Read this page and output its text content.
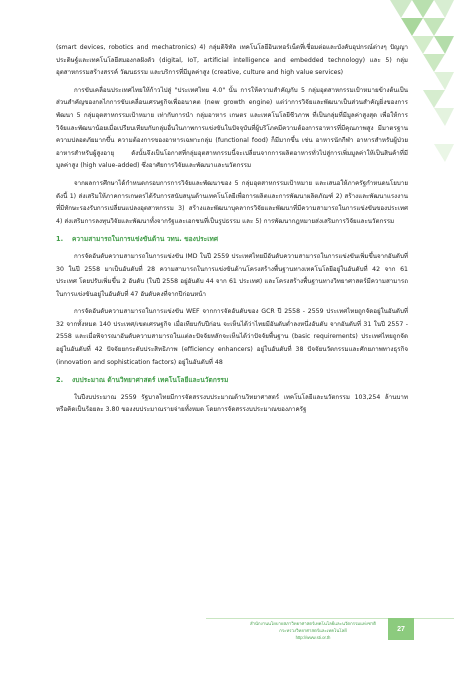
(smart devices, robotics and mechatronics) 4) กลุ่มดิจิทัล เทคโนโลยีอินเทอร์เน็ตที่เชื่อมต่อและบังคับอุปกรณ์ต่างๆ ปัญญาประดิษฐ์และเทคโนโลยีสมองกลฝังตัว (digital, IoT, artificial intelligence and embedded technology) และ 5) กลุ่มอุตสาหกรรมสร้างสรรค์ วัฒนธรรม และบริการที่มีมูลค่าสูง (creative, culture and high value services)

การขับเคลื่อนประเทศไทยให้ก้าวไปสู่ "ประเทศไทย 4.0" นั้น การให้ความสำคัญกับ 5 กลุ่มอุตสาหกรรมเป้าหมายข้างต้นเป็นส่วนสำคัญของกลไกการขับเคลื่อนเศรษฐกิจเพื่ออนาคต (new growth engine) แต่ว่าการวิจัยและพัฒนาเป็นส่วนสำคัญยิ่งของการพัฒนา 5 กลุ่มอุตสาหกรรมเป้าหมาย เท่ากับการนำ กลุ่มอาหาร เกษตร และเทคโนโลยีชีวภาพ ที่เป็นกลุ่มที่มีมูลค่าสูงสุด เพื่อให้การวิจัยและพัฒนาน้อยเมื่อเปรียบเทียบกับกลุ่มอื่นในภาพการแข่งขันในปัจจุบันที่ผู้บริโภคมีความต้องการอาหารที่มีคุณภาพสูง มีมาตรฐานความปลอดภัยมากขึ้น ความต้องการของอาหารเฉพาะกลุ่ม (functional food) ก็มีมากขึ้น เช่น อาหารนักกีฬา อาหารสำหรับผู้ป่วย อาหารสำหรับผู้สูงอายุ ดังนั้นจึงเป็นโอกาสที่กลุ่มอุตสาหกรรมนี้จะเปลี่ยนจากการผลิตอาหารทั่วไปสู่การเพิ่มมูลค่าให้เป็นสินค้าที่มีมูลค่าสูง (high value-added) ซึ่งอาศัยการวิจัยและพัฒนาและนวัตกรรม

จากผลการศึกษาได้กำหนดกรอบการการวิจัยและพัฒนาของ 5 กลุ่มอุตสาหกรรมเป้าหมาย และเสนอให้ภาครัฐกำหนดนโยบายดังนี้ 1) ส่งเสริมให้ภาคการเกษตรได้รับการสนับสนุนด้านเทคโนโลยีเพื่อการผลิตและการพัฒนาผลิตภัณฑ์ 2) สร้างและพัฒนาแรงงานที่มีทักษะรองรับการเปลี่ยนแปลงอุตสาหกรรม 3) สร้างและพัฒนาบุคลากรวิจัยและพัฒนาที่มีความสามารถในการแข่งขันของประเทศ 4) ส่งเสริมการลงทุนวิจัยและพัฒนาทั้งจากรัฐและเอกชนที่เป็นรูปธรรม และ 5) การพัฒนากฎหมายส่งเสริมการวิจัยและนวัตกรรม

1. ความสามารถในการแข่งขันด้าน วทน. ของประเทศ

การจัดอันดับความสามารถในการแข่งขัน IMD ในปี 2559 ประเทศไทยมีอันดับความสามารถในการแข่งขันเพิ่มขึ้นจากอันดับที่ 30 ในปี 2558 มาเป็นอันดับที่ 28 ความสามารถในการแข่งขันด้านโครงสร้างพื้นฐานทางเทคโนโลยีอยู่ในอันดับที่ 42 จาก 61 ประเทศ โดยปรับเพิ่มขึ้น 2 อันดับ (ในปี 2558 อยู่อันดับ 44 จาก 61 ประเทศ) และโครงสร้างพื้นฐานทางวิทยาศาสตร์มีความสามารถในการแข่งขันอยู่ในอันดับที่ 47 อันดับคงที่จากปีก่อนหน้า

การจัดอันดับความสามารถในการแข่งขัน WEF จากการจัดอันดับของ GCR ปี 2558 - 2559 ประเทศไทยถูกจัดอยู่ในอันดับที่ 32 จากทั้งหมด 140 ประเทศ/เขตเศรษฐกิจ เมื่อเทียบกับปีก่อน จะเห็นได้ว่าไทยมีอันดับต่ำลงหนึ่งอันดับ จากอันดับที่ 31 ในปี 2557 - 2558 และเมื่อพิจารณาอันดับความสามารถในแต่ละปัจจัยหลักจะเห็นได้ว่าปัจจัยพื้นฐาน (basic requirements) ประเทศไทยถูกจัดอยู่ในอันดับที่ 42 ปัจจัยยกระดับประสิทธิภาพ (efficiency enhancers) อยู่ในอันดับที่ 38 ปัจจัยนวัตกรรมและศักยภาพทางธุรกิจ (innovation and sophistication factors) อยู่ในอันดับที่ 48

2. งบประมาณ ด้านวิทยาศาสตร์ เทคโนโลยีและนวัตกรรม

ในปีงบประมาณ 2559 รัฐบาลไทยมีการจัดสรรงบประมาณด้านวิทยาศาสตร์ เทคโนโลยีและนวัตกรรม 103,254 ล้านบาท หรือคิดเป็นร้อยละ 3.80 ของงบประมาณรายจ่ายทั้งหมด โดยการจัดสรรงบประมาณของภาครัฐ

สำนักงานนโยบายสภาวิทยาศาสตร์เทคโนโลยีและนวัตกรรมแห่งชาติ
กระทรวงวิทยาศาสตร์และเทคโนโลยี
http://www.sti.or.th
27
